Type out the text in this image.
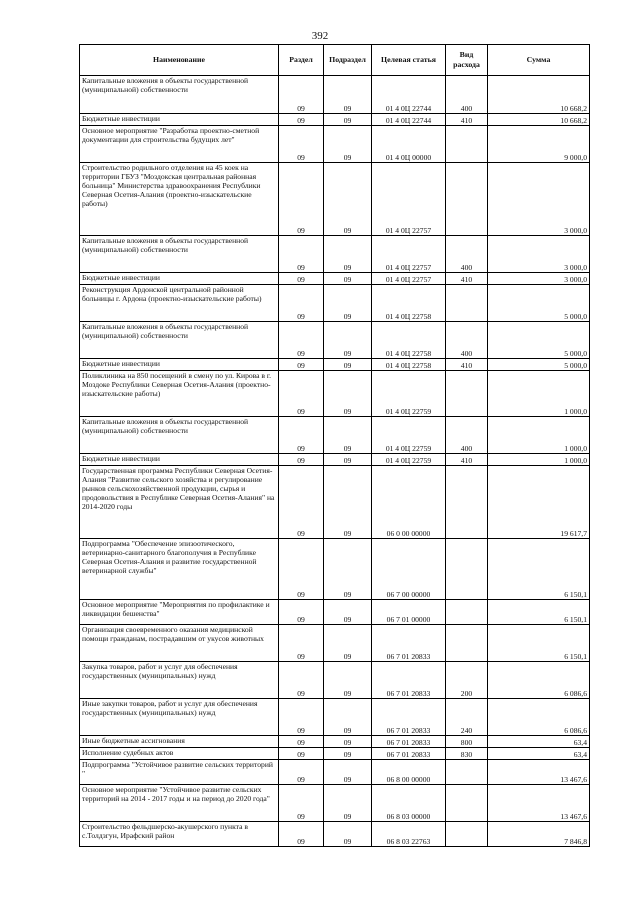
392
Наименование	Раздел	Подраздел	Целевая статья	Вид расхода	Сумма
Капитальные вложения в объекты государственной (муниципальной) собственности	09	09	01 4 0Ц 22744	400	10 668,2
Бюджетные инвестиции	09	09	01 4 0Ц 22744	410	10 668,2
Основное мероприятие "Разработка проектно-сметной документации для строительства будущих лет"	09	09	01 4 0Ц 00000		9 000,0
Строительство родильного отделения на 45 коек на территории ГБУЗ "Моздокская центральная районная больница" Министерства здравоохранения Республики Северная Осетия-Алания (проектно-изыскательские работы)	09	09	01 4 0Ц 22757		3 000,0
Капитальные вложения в объекты государственной (муниципальной) собственности	09	09	01 4 0Ц 22757	400	3 000,0
Бюджетные инвестиции	09	09	01 4 0Ц 22757	410	3 000,0
Реконструкция Ардонской центральной районной больницы г. Ардона (проектно-изыскательские работы)	09	09	01 4 0Ц 22758		5 000,0
Капитальные вложения в объекты государственной (муниципальной) собственности	09	09	01 4 0Ц 22758	400	5 000,0
Бюджетные инвестиции	09	09	01 4 0Ц 22758	410	5 000,0
Поликлиника на 850 посещений в смену по ул. Кирова в г. Моздоке Республики Северная Осетия-Алания (проектно-изыскательские работы)	09	09	01 4 0Ц 22759		1 000,0
Капитальные вложения в объекты государственной (муниципальной) собственности	09	09	01 4 0Ц 22759	400	1 000,0
Бюджетные инвестиции	09	09	01 4 0Ц 22759	410	1 000,0
Государственная программа Республики Северная Осетия-Алания "Развитие сельского хозяйства и регулирование рынков сельскохозяйственной продукции, сырья и продовольствия в Республике Северная Осетия-Алания" на 2014-2020 годы	09	09	06 0 00 00000		19 617,7
Подпрограмма "Обеспечение эпизоотического, ветеринарно-санитарного благополучия в Республике Северная Осетия-Алания и развитие государственной ветеринарной службы"	09	09	06 7 00 00000		6 150,1
Основное мероприятие "Мероприятия по профилактике и ликвидации бешенства"	09	09	06 7 01 00000		6 150,1
Организация своевременного оказания медицинской помощи гражданам, пострадавшим от укусов животных	09	09	06 7 01 20833		6 150,1
Закупка товаров, работ и услуг для обеспечения государственных (муниципальных) нужд	09	09	06 7 01 20833	200	6 086,6
Иные закупки товаров, работ и услуг для обеспечения государственных (муниципальных) нужд	09	09	06 7 01 20833	240	6 086,6
Иные бюджетные ассигнования	09	09	06 7 01 20833	800	63,4
Исполнение судебных актов	09	09	06 7 01 20833	830	63,4
Подпрограмма "Устойчивое развитие сельских территорий "	09	09	06 8 00 00000		13 467,6
Основное мероприятие "Устойчивое развитие сельских территорий на 2014 - 2017 годы и на период до 2020 года"	09	09	06 8 03 00000		13 467,6
Строительство фельдшерско-акушерского пункта в с.Толдзгун, Ирафский район	09	09	06 8 03 22763		7 846,8
